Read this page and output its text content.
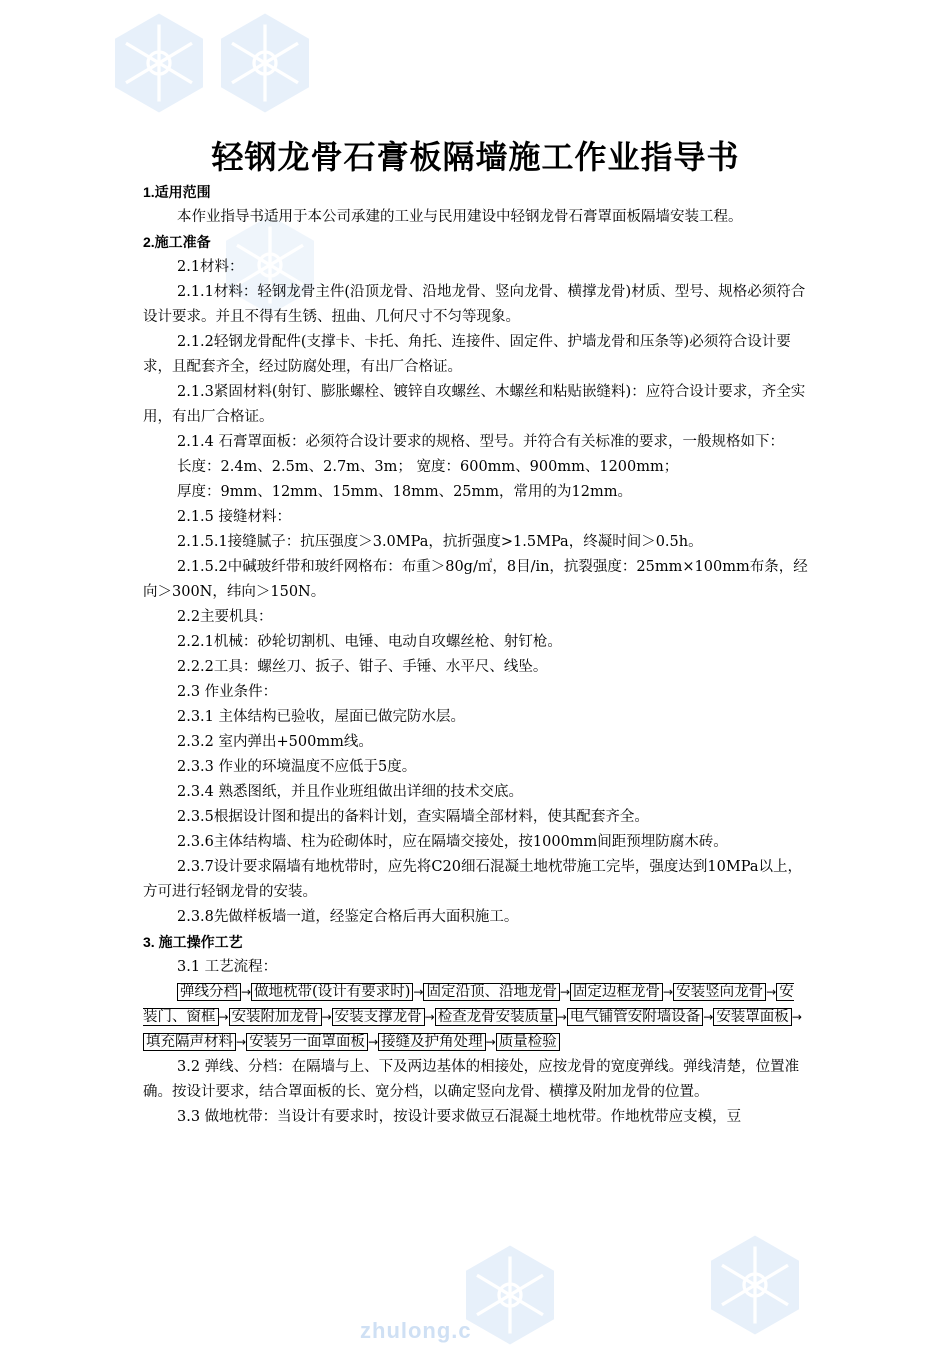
zhulong.c
轻钢龙骨石膏板隔墙施工作业指导书
1.适用范围

本作业指导书适用于本公司承建的工业与民用建设中轻钢龙骨石膏罩面板隔墙安装工程。

2.施工准备

2.1材料：

2.1.1材料：轻钢龙骨主件(沿顶龙骨、沿地龙骨、竖向龙骨、横撑龙骨)材质、型号、规格必须符合设计要求。并且不得有生锈、扭曲、几何尺寸不匀等现象。

2.1.2轻钢龙骨配件(支撑卡、卡托、角托、连接件、固定件、护墙龙骨和压条等)必须符合设计要求，且配套齐全，经过防腐处理，有出厂合格证。

2.1.3紧固材料(射钉、膨胀螺栓、镀锌自攻螺丝、木螺丝和粘贴嵌缝料)：应符合设计要求，齐全实用，有出厂合格证。

2.1.4 石膏罩面板：必须符合设计要求的规格、型号。并符合有关标准的要求，一般规格如下：

长度：2.4m、2.5m、2.7m、3m； 宽度：600mm、900mm、1200mm；

厚度：9mm、12mm、15mm、18mm、25mm，常用的为12mm。

2.1.5 接缝材料：

2.1.5.1接缝腻子：抗压强度＞3.0MPa，抗折强度>1.5MPa，终凝时间＞0.5h。

2.1.5.2中碱玻纤带和玻纤网格布：布重＞80g/㎡，8目/in，抗裂强度：25mm×100mm布条，经向＞300N，纬向＞150N。

2.2主要机具：

2.2.1机械：砂轮切割机、电锤、电动自攻螺丝枪、射钉枪。

2.2.2工具：螺丝刀、扳子、钳子、手锤、水平尺、线坠。

2.3 作业条件：

2.3.1 主体结构已验收，屋面已做完防水层。

2.3.2 室内弹出+500mm线。

2.3.3 作业的环境温度不应低于5度。

2.3.4 熟悉图纸，并且作业班组做出详细的技术交底。

2.3.5根据设计图和提出的备料计划，查实隔墙全部材料，使其配套齐全。

2.3.6主体结构墙、柱为砼砌体时，应在隔墙交接处，按1000mm间距预埋防腐木砖。

2.3.7设计要求隔墙有地枕带时，应先将C20细石混凝土地枕带施工完毕，强度达到10MPa以上，方可进行轻钢龙骨的安装。

2.3.8先做样板墙一道，经鉴定合格后再大面积施工。

3. 施工操作工艺

3.1 工艺流程：

弹线分档 → 做地枕带(设计有要求时) → 固定沿顶、沿地龙骨 → 固定边框龙骨 → 安装竖向龙骨 → 安装门、窗框 → 安装附加龙骨 → 安装支撑龙骨 → 检查龙骨安装质量 → 电气铺管安附墙设备 → 安装罩面板 →填充隔声材料 → 安装另一面罩面板 → 接缝及护角处理 → 质量检验

3.2 弹线、分档：在隔墙与上、下及两边基体的相接处，应按龙骨的宽度弹线。弹线清楚，位置准确。按设计要求，结合罩面板的长、宽分档，以确定竖向龙骨、横撑及附加龙骨的位置。

3.3 做地枕带：当设计有要求时，按设计要求做豆石混凝土地枕带。作地枕带应支模，豆
